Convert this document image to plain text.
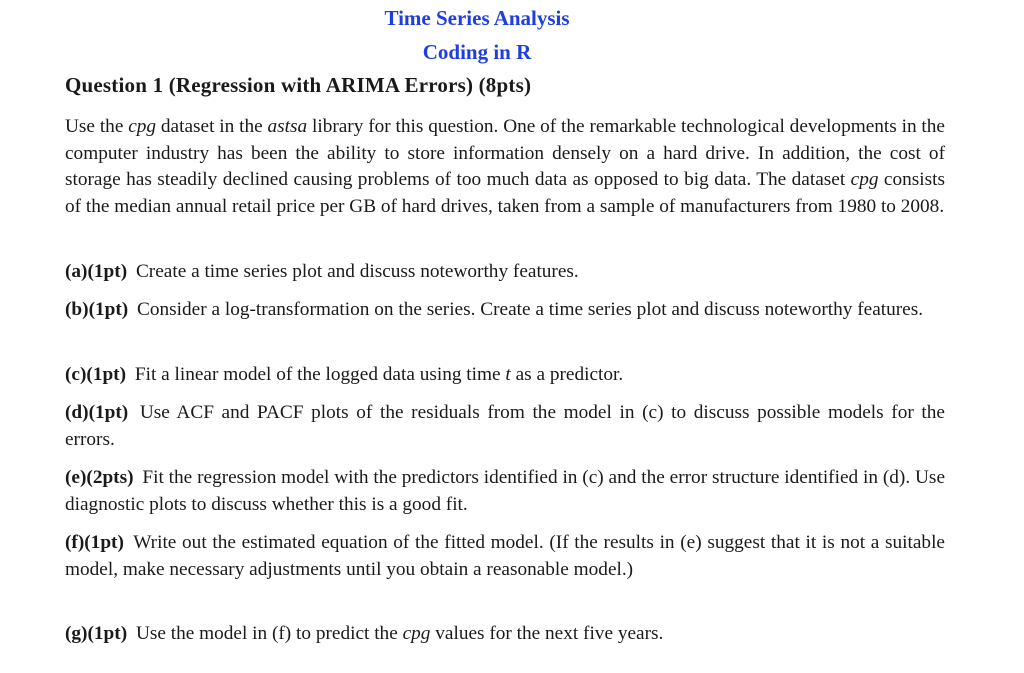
Time Series Analysis
Coding in R
Question 1 (Regression with ARIMA Errors) (8pts)
Use the cpg dataset in the astsa library for this question. One of the remarkable technological developments in the computer industry has been the ability to store information densely on a hard drive. In addition, the cost of storage has steadily declined causing problems of too much data as opposed to big data. The dataset cpg consists of the median annual retail price per GB of hard drives, taken from a sample of manufacturers from 1980 to 2008.
(a)(1pt) Create a time series plot and discuss noteworthy features.
(b)(1pt) Consider a log-transformation on the series. Create a time series plot and discuss noteworthy features.
(c)(1pt) Fit a linear model of the logged data using time t as a predictor.
(d)(1pt) Use ACF and PACF plots of the residuals from the model in (c) to discuss possible models for the errors.
(e)(2pts) Fit the regression model with the predictors identified in (c) and the error structure identified in (d). Use diagnostic plots to discuss whether this is a good fit.
(f)(1pt) Write out the estimated equation of the fitted model. (If the results in (e) suggest that it is not a suitable model, make necessary adjustments until you obtain a reasonable model.)
(g)(1pt) Use the model in (f) to predict the cpg values for the next five years.
